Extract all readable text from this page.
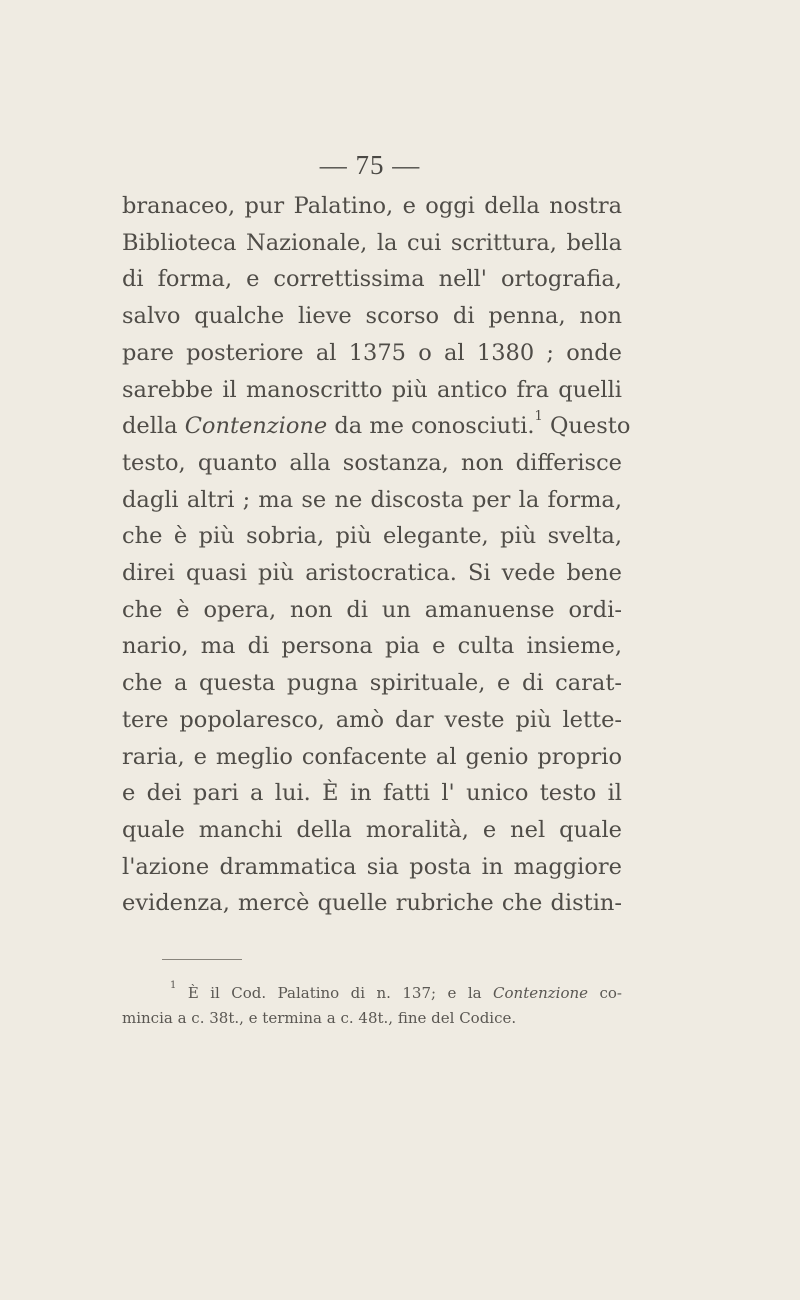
— 75 —
branaceo, pur Palatino, e oggi della nostra
Biblioteca Nazionale, la cui scrittura, bella
di forma, e correttissima nell' ortografia,
salvo qualche lieve scorso di penna, non
pare posteriore al 1375 o al 1380 ; onde
sarebbe il manoscritto più antico fra quelli
della Contenzione da me conosciuti.$^1$ Questo
testo, quanto alla sostanza, non differisce
dagli altri ; ma se ne discosta per la forma,
che è più sobria, più elegante, più svelta,
direi quasi più aristocratica. Si vede bene
che è opera, non di un amanuense ordi-
nario, ma di persona pia e culta insieme,
che a questa pugna spirituale, e di carat-
tere popolaresco, amò dar veste più lette-
raria, e meglio confacente al genio proprio
e dei pari a lui. È in fatti l' unico testo il
quale manchi della moralità, e nel quale
l'azione drammatica sia posta in maggiore
evidenza, mercè quelle rubriche che distin-
$^1$ È il Cod. Palatino di n. 137; e la Contenzione co-
mincia a c. 38t., e termina a c. 48t., fine del Codice.
